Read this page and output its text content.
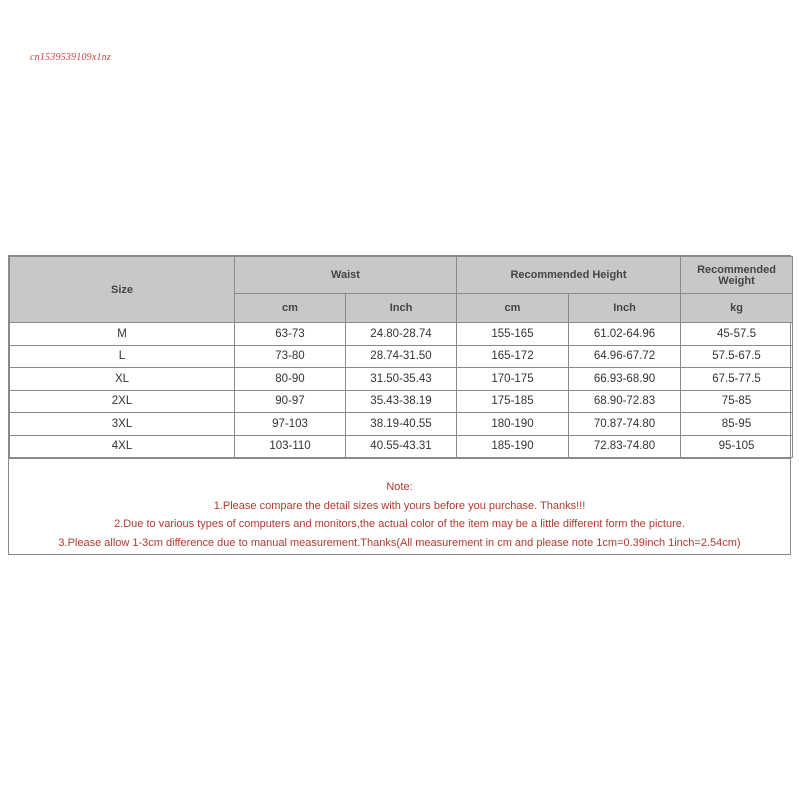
cn1539539109x1nz
Size	Waist		Recommended Height		Recommended Weight
	cm	Inch	cm	Inch	kg
M	63-73	24.80-28.74	155-165	61.02-64.96	45-57.5
L	73-80	28.74-31.50	165-172	64.96-67.72	57.5-67.5
XL	80-90	31.50-35.43	170-175	66.93-68.90	67.5-77.5
2XL	90-97	35.43-38.19	175-185	68.90-72.83	75-85
3XL	97-103	38.19-40.55	180-190	70.87-74.80	85-95
4XL	103-110	40.55-43.31	185-190	72.83-74.80	95-105
Note:
1.Please compare the detail sizes with yours before you purchase. Thanks!!!
2.Due to various types of computers and monitors,the actual color of the item may be a little different form the picture.
3.Please allow 1-3cm difference due to manual measurement.Thanks(All measurement in cm and please note 1cm=0.39inch 1inch=2.54cm)
